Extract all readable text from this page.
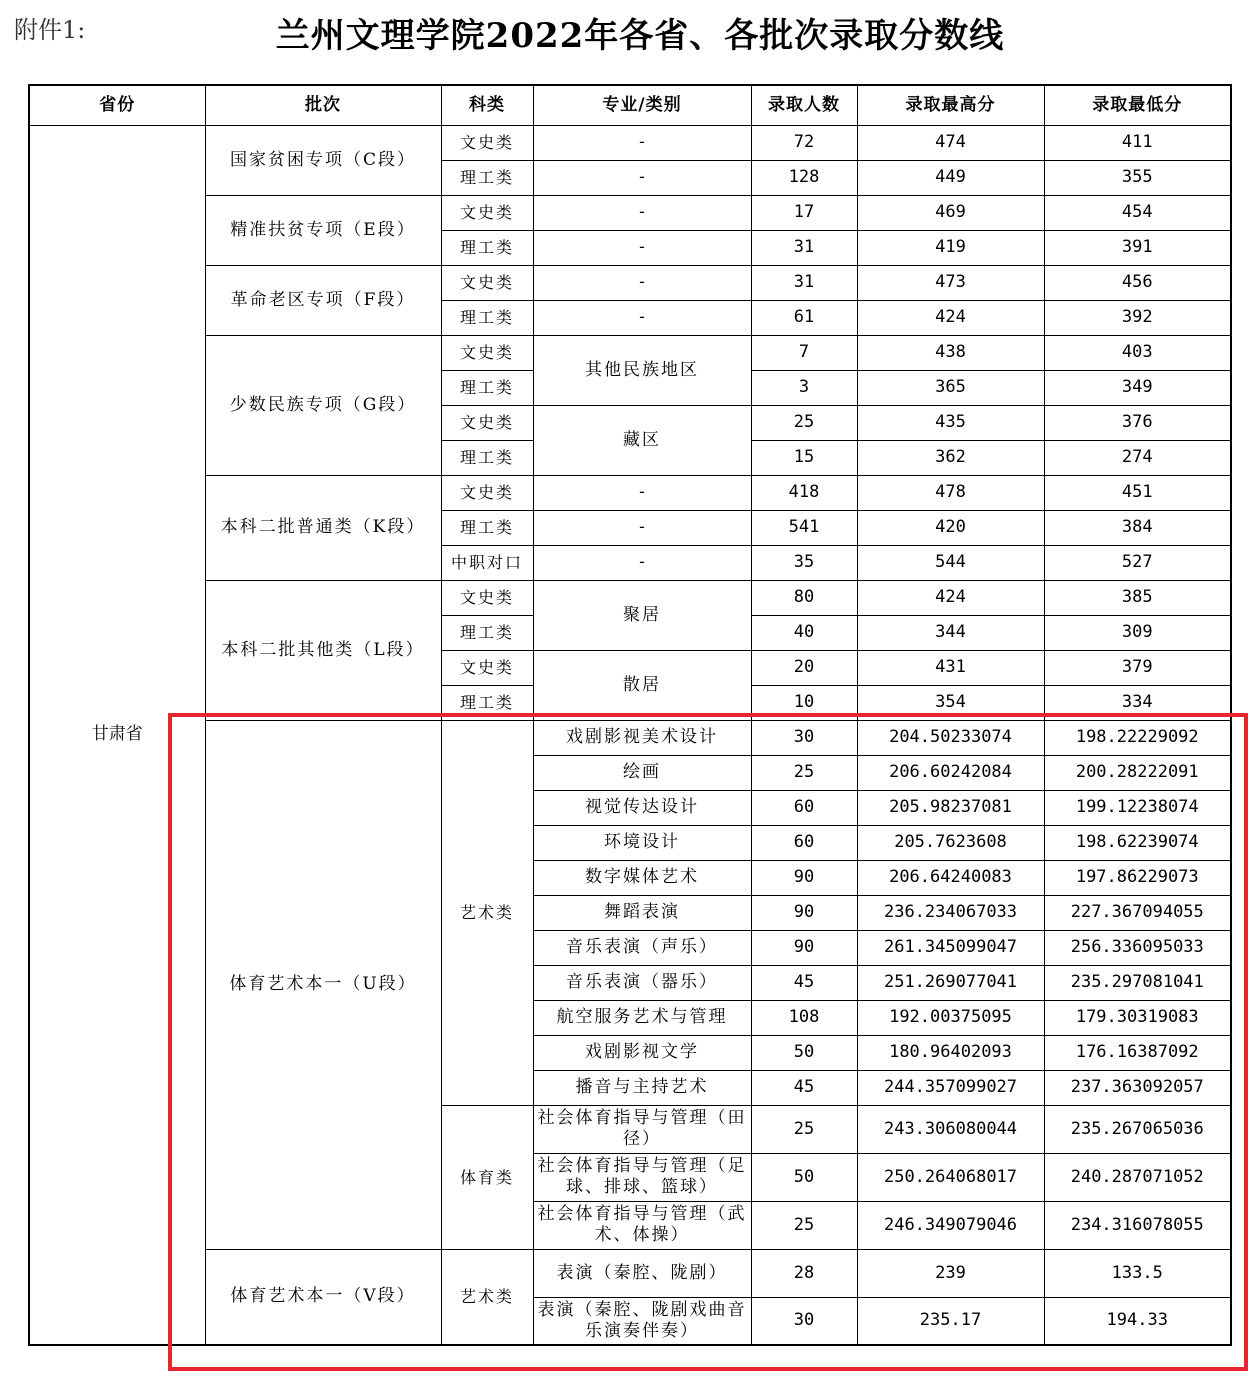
附件1:	兰州文理学院2022年各省、各批次录取分数线
省份	批次	科类	专业/类别	录取人数	录取最高分	录取最低分
甘肃省	国家贫困专项（C段）	文史类	-	72	474	411
		理工类	-	128	449	355
	精准扶贫专项（E段）	文史类	-	17	469	454
		理工类	-	31	419	391
	革命老区专项（F段）	文史类	-	31	473	456
		理工类	-	61	424	392
	少数民族专项（G段）	文史类	其他民族地区	7	438	403
		理工类		3	365	349
		文史类	藏区	25	435	376
		理工类		15	362	274
	本科二批普通类（K段）	文史类	-	418	478	451
		理工类	-	541	420	384
		中职对口	-	35	544	527
	本科二批其他类（L段）	文史类	聚居	80	424	385
		理工类		40	344	309
		文史类	散居	20	431	379
		理工类		10	354	334
	体育艺术本一（U段）	艺术类	戏剧影视美术设计	30	204.50233074	198.22229092
			绘画	25	206.60242084	200.28222091
			视觉传达设计	60	205.98237081	199.12238074
			环境设计	60	205.7623608	198.62239074
			数字媒体艺术	90	206.64240083	197.86229073
			舞蹈表演	90	236.234067033	227.367094055
			音乐表演（声乐）	90	261.345099047	256.336095033
			音乐表演（器乐）	45	251.269077041	235.297081041
			航空服务艺术与管理	108	192.00375095	179.30319083
			戏剧影视文学	50	180.96402093	176.16387092
			播音与主持艺术	45	244.357099027	237.363092057
		体育类	社会体育指导与管理（田径）	25	243.306080044	235.267065036
			社会体育指导与管理（足球、排球、篮球）	50	250.264068017	240.287071052
			社会体育指导与管理（武术、体操）	25	246.349079046	234.316078055
	体育艺术本一（V段）	艺术类	表演（秦腔、陇剧）	28	239	133.5
			表演（秦腔、陇剧戏曲音乐演奏伴奏）	30	235.17	194.33
